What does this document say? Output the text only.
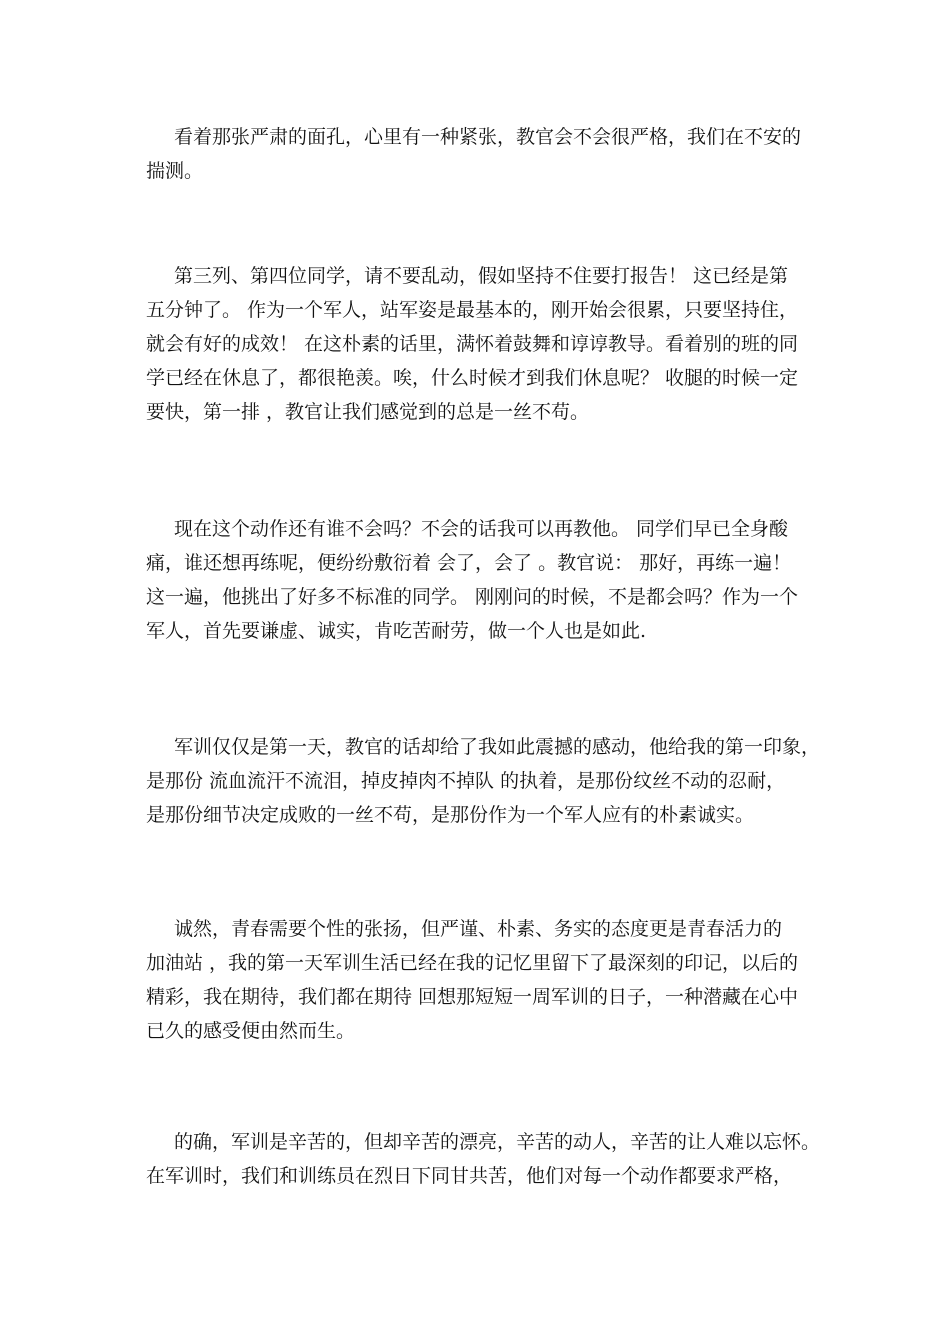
看着那张严肃的面孔，心里有一种紧张，教官会不会很严格，我们在不安的
揣测。
第三列、第四位同学，请不要乱动，假如坚持不住要打报告！ 这已经是第
五分钟了。 作为一个军人，站军姿是最基本的，刚开始会很累，只要坚持住，
就会有好的成效！ 在这朴素的话里，满怀着鼓舞和谆谆教导。看着别的班的同
学已经在休息了，都很艳羡。唉，什么时候才到我们休息呢？ 收腿的时候一定
要快，第一排 ，教官让我们感觉到的总是一丝不苟。
现在这个动作还有谁不会吗？不会的话我可以再教他。 同学们早已全身酸
痛，谁还想再练呢，便纷纷敷衍着 会了，会了 。教官说： 那好，再练一遍！
这一遍，他挑出了好多不标准的同学。 刚刚问的时候，不是都会吗？作为一个
军人，首先要谦虚、诚实，肯吃苦耐劳，做一个人也是如此.
军训仅仅是第一天，教官的话却给了我如此震撼的感动，他给我的第一印象，
是那份 流血流汗不流泪，掉皮掉肉不掉队 的执着，是那份纹丝不动的忍耐，
是那份细节决定成败的一丝不苟，是那份作为一个军人应有的朴素诚实。
诚然，青春需要个性的张扬，但严谨、朴素、务实的态度更是青春活力的
加油站 ，我的第一天军训生活已经在我的记忆里留下了最深刻的印记，以后的
精彩，我在期待，我们都在期待 回想那短短一周军训的日子，一种潜藏在心中
已久的感受便由然而生。
的确，军训是辛苦的，但却辛苦的漂亮，辛苦的动人，辛苦的让人难以忘怀。
在军训时，我们和训练员在烈日下同甘共苦，他们对每一个动作都要求严格，
